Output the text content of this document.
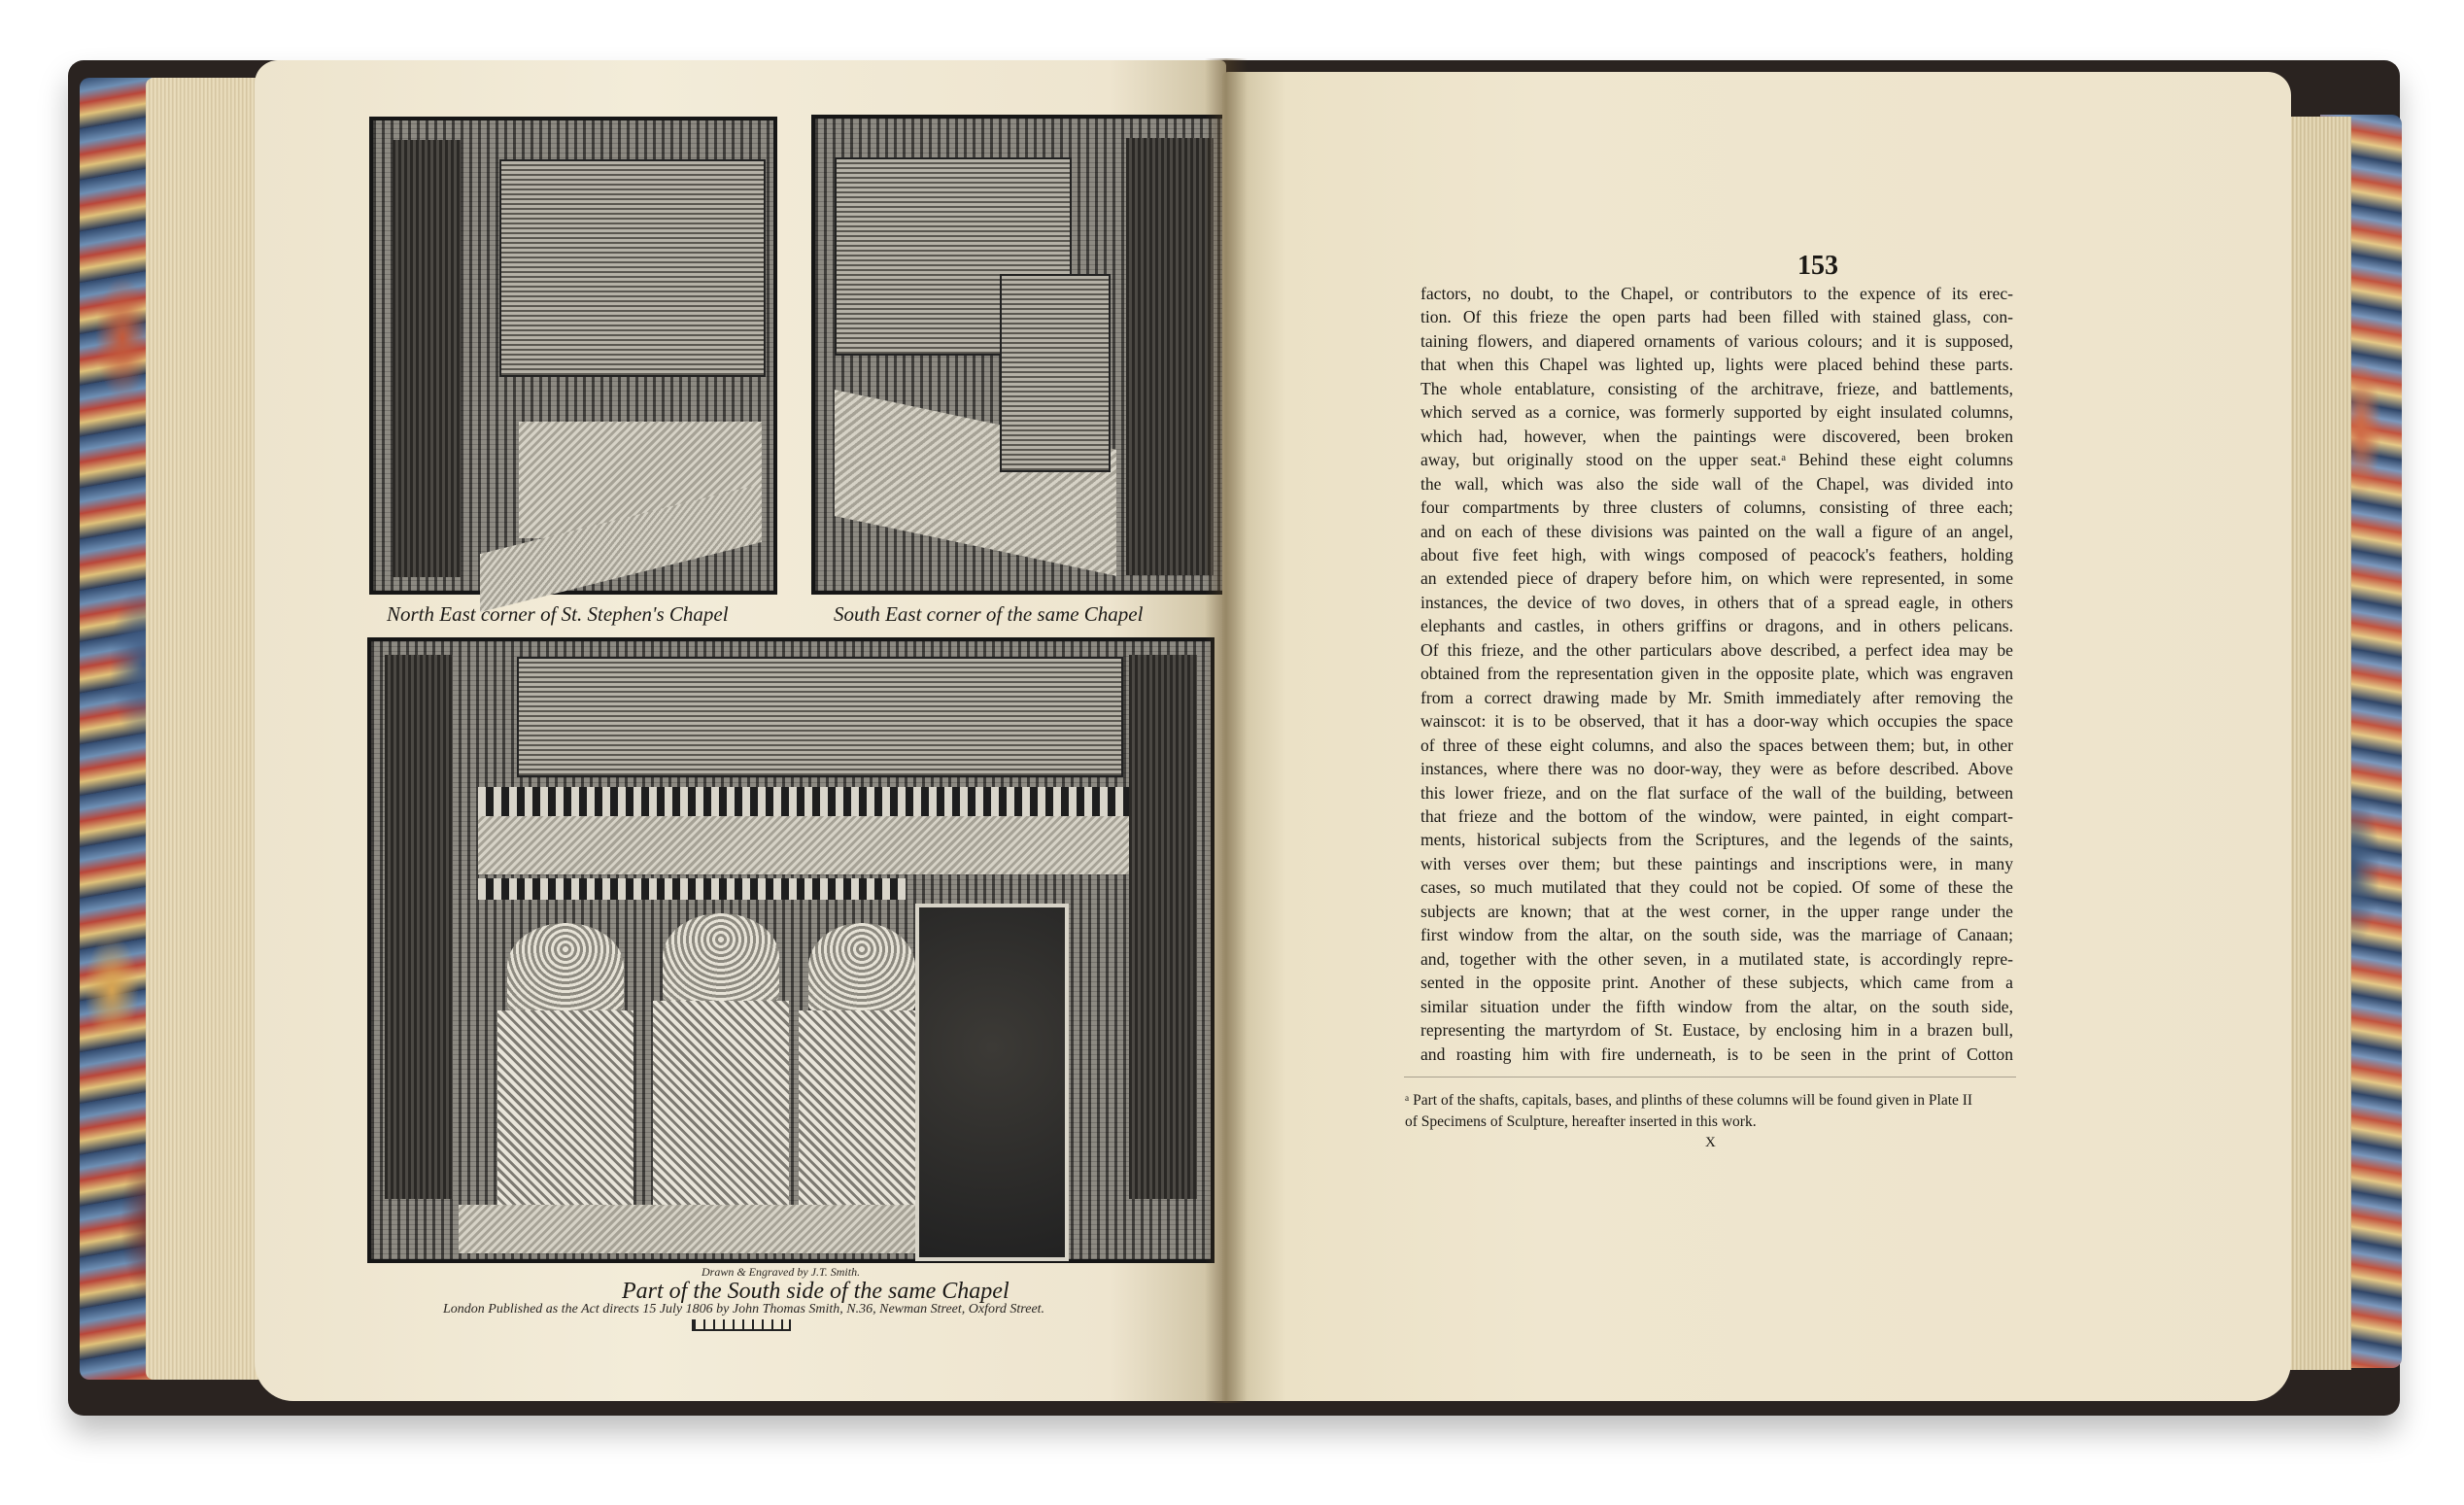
North East corner of St. Stephen's Chapel	South East corner of the same Chapel
Drawn & Engraved by J.T. Smith.
Part of the South side of the same Chapel
London Published as the Act directs 15 July 1806 by John Thomas Smith, N.36, Newman Street, Oxford Street.
153
factors, no doubt, to the Chapel, or contributors to the expence of its erec-
tion. Of this frieze the open parts had been filled with stained glass, con-
taining flowers, and diapered ornaments of various colours; and it is supposed,
that when this Chapel was lighted up, lights were placed behind these parts.
The whole entablature, consisting of the architrave, frieze, and battlements,
which served as a cornice, was formerly supported by eight insulated columns,
which had, however, when the paintings were discovered, been broken
away, but originally stood on the upper seat.ᵃ Behind these eight columns
the wall, which was also the side wall of the Chapel, was divided into
four compartments by three clusters of columns, consisting of three each;
and on each of these divisions was painted on the wall a figure of an angel,
about five feet high, with wings composed of peacock's feathers, holding
an extended piece of drapery before him, on which were represented, in some
instances, the device of two doves, in others that of a spread eagle, in others
elephants and castles, in others griffins or dragons, and in others pelicans.
Of this frieze, and the other particulars above described, a perfect idea may be
obtained from the representation given in the opposite plate, which was engraven
from a correct drawing made by Mr. Smith immediately after removing the
wainscot: it is to be observed, that it has a door-way which occupies the space
of three of these eight columns, and also the spaces between them; but, in other
instances, where there was no door-way, they were as before described. Above
this lower frieze, and on the flat surface of the wall of the building, between
that frieze and the bottom of the window, were painted, in eight compart-
ments, historical subjects from the Scriptures, and the legends of the saints,
with verses over them; but these paintings and inscriptions were, in many
cases, so much mutilated that they could not be copied. Of some of these the
subjects are known; that at the west corner, in the upper range under the
first window from the altar, on the south side, was the marriage of Canaan;
and, together with the other seven, in a mutilated state, is accordingly repre-
sented in the opposite print. Another of these subjects, which came from a
similar situation under the fifth window from the altar, on the south side,
representing the martyrdom of St. Eustace, by enclosing him in a brazen bull,
and roasting him with fire underneath, is to be seen in the print of Cotton
ᵃ Part of the shafts, capitals, bases, and plinths of these columns will be found given in Plate II
of Specimens of Sculpture, hereafter inserted in this work.
X
